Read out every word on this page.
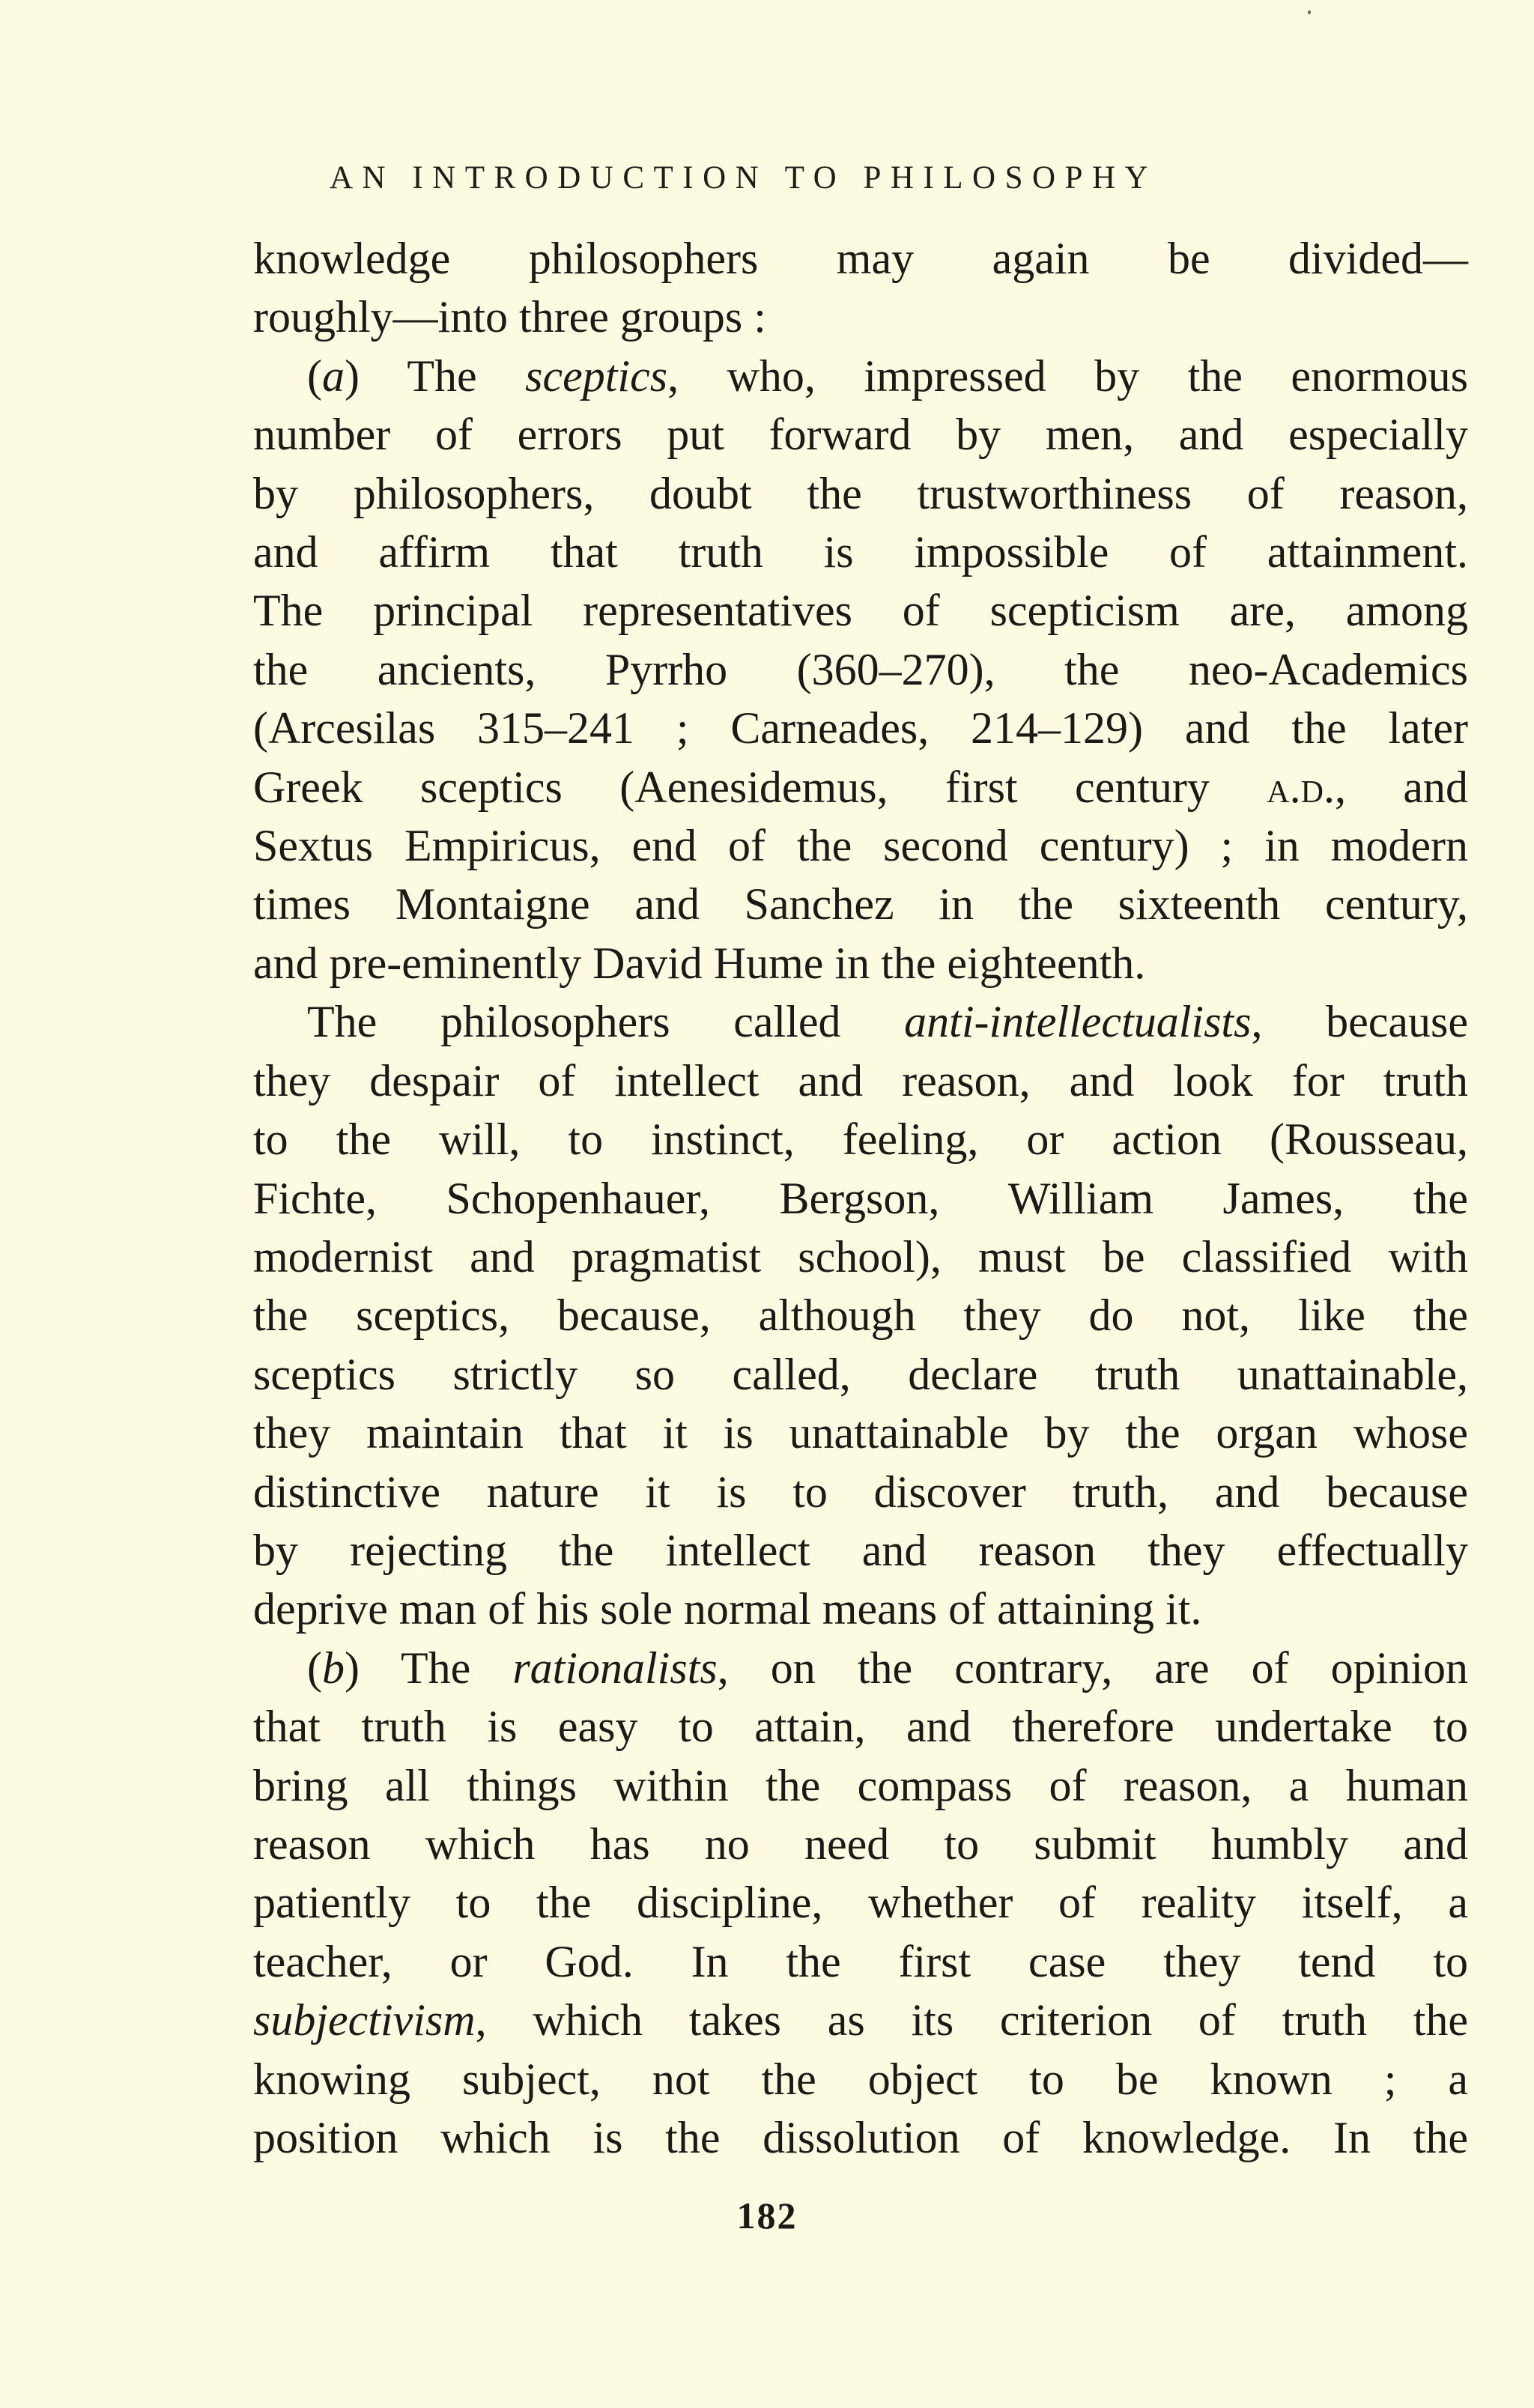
AN INTRODUCTION TO PHILOSOPHY
knowledge philosophers may again be divided—
roughly—into three groups :
(a) The sceptics, who, impressed by the enormous
number of errors put forward by men, and especially
by philosophers, doubt the trustworthiness of reason,
and affirm that truth is impossible of attainment.
The principal representatives of scepticism are, among
the ancients, Pyrrho (360–270), the neo-Academics
(Arcesilas 315–241 ; Carneades, 214–129) and the later
Greek sceptics (Aenesidemus, first century a.d., and
Sextus Empiricus, end of the second century) ; in modern
times Montaigne and Sanchez in the sixteenth century,
and pre-eminently David Hume in the eighteenth.
The philosophers called anti-intellectualists, because
they despair of intellect and reason, and look for truth
to the will, to instinct, feeling, or action (Rousseau,
Fichte, Schopenhauer, Bergson, William James, the
modernist and pragmatist school), must be classified with
the sceptics, because, although they do not, like the
sceptics strictly so called, declare truth unattainable,
they maintain that it is unattainable by the organ whose
distinctive nature it is to discover truth, and because
by rejecting the intellect and reason they effectually
deprive man of his sole normal means of attaining it.
(b) The rationalists, on the contrary, are of opinion
that truth is easy to attain, and therefore undertake to
bring all things within the compass of reason, a human
reason which has no need to submit humbly and
patiently to the discipline, whether of reality itself, a
teacher, or God. In the first case they tend to
subjectivism, which takes as its criterion of truth the
knowing subject, not the object to be known ; a
position which is the dissolution of knowledge. In the
182
